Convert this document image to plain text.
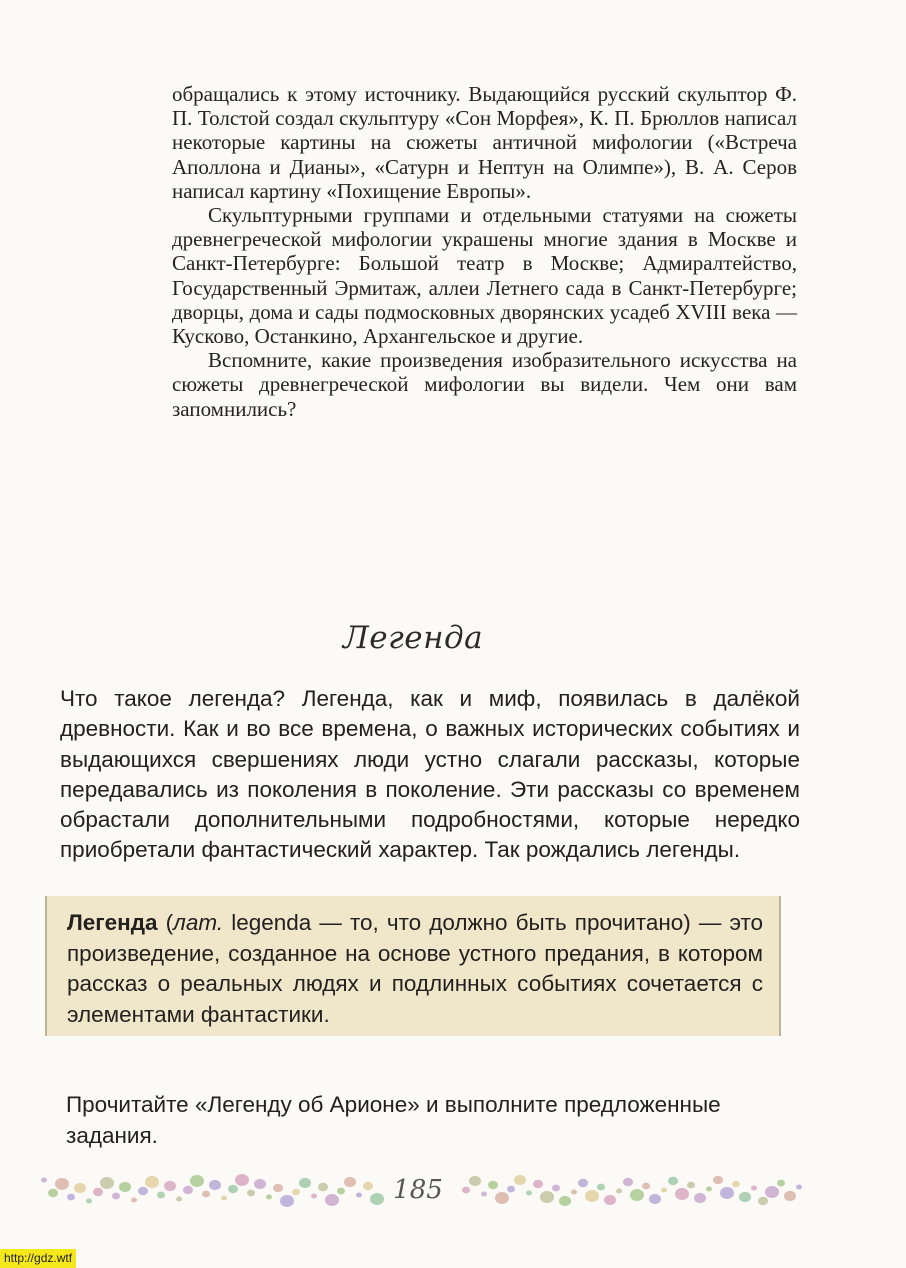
обращались к этому источнику. Выдающийся русский скульптор Ф. П. Толстой создал скульптуру «Сон Морфея», К. П. Брюллов написал некоторые картины на сюжеты античной мифологии («Встреча Аполлона и Дианы», «Сатурн и Нептун на Олимпе»), В. А. Серов написал картину «Похищение Европы».

Скульптурными группами и отдельными статуями на сюжеты древнегреческой мифологии украшены многие здания в Москве и Санкт-Петербурге: Большой театр в Москве; Адмиралтейство, Государственный Эрмитаж, аллеи Летнего сада в Санкт-Петербурге; дворцы, дома и сады подмосковных дворянских усадеб XVIII века — Кусково, Останкино, Архангельское и другие.

Вспомните, какие произведения изобразительного искусства на сюжеты древнегреческой мифологии вы видели. Чем они вам запомнились?

Легенда

Что такое легенда? Легенда, как и миф, появилась в далёкой древности. Как и во все времена, о важных исторических событиях и выдающихся свершениях люди устно слагали рассказы, которые передавались из поколения в поколение. Эти рассказы со временем обрастали дополнительными подробностями, которые нередко приобретали фантастический характер. Так рождались легенды.

Легенда (лат. legenda — то, что должно быть прочитано) — это произведение, созданное на основе устного предания, в котором рассказ о реальных людях и подлинных событиях сочетается с элементами фантастики.

Прочитайте «Легенду об Арионе» и выполните предложенные задания.

185
http://gdz.wtf
